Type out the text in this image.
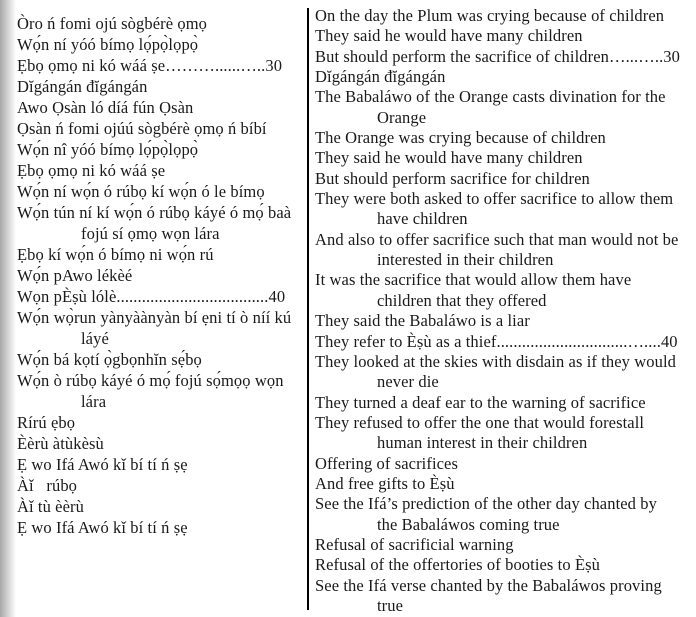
Òro ń fomi ojú sògbérè ọmọ
Wọ́n ní yóó bímọ lọ́pọ̀lọpọ̀
Ẹbọ ọmọ ni kó wáá ṣe………......…..30
Dĭgángán đĭgángán
Awo Ọsàn ló díá fún Ọsàn
Ọsàn ń fomi ojúú sògbérè ọmọ ń bíbí
Wọ́n nî yóó bímọ lọ́pọ̀lọpọ̀
Ẹbọ ọmọ ni kó wáá ṣe
Wọ́n ní wọ́n ó rúbọ kí wọ́n ó le bímọ
Wọ́n tún ní kí wọ́n ó rúbọ káyé ó mọ́ baà
fojú sí ọmọ wọn lára
Ẹbọ kí wọ́n ó bímọ ni wọ́n rú
Wọ́n pAwo lékèé
Wọn pÈṣù lólè....................................40
Wọ́n wọ̀run yànyàànyàn bí ẹni tí ò níí kú
láyé
Wọ́n bá kọtí ọ̀gbọnhĭn sẹ́bọ
Wọ́n ò rúbọ káyé ó mọ́ fojú sọ́mọọ wọn
lára
Rírú ẹbọ
Èèrù àtùkèsù
Ẹ wo Ifá Awó kǐ bí tí ń ṣẹ
Àǐ   rúbọ
Àǐ tù èèrù
Ẹ wo Ifá Awó kǐ bí tí ń ṣẹ
On the day the Plum was crying because of children
They said he would have many children
But should perform the sacrifice of children…...…..30
Dĭgángán đĭgángán
The Babaláwo of the Orange casts divination for the
Orange
The Orange was crying because of children
They said he would have many children
But should perform sacrifice for children
They were both asked to offer sacrifice to allow them
have children
And also to offer sacrifice such that man would not be
interested in their children
It was the sacrifice that would allow them have
children that they offered
They said the Babaláwo is a liar
They refer to Èṣù as a thief...............................…....40
They looked at the skies with disdain as if they would
never die
They turned a deaf ear to the warning of sacrifice
They refused to offer the one that would forestall
human interest in their children
Offering of sacrifices
And free gifts to Èṣù
See the Ifá’s prediction of the other day chanted by
the Babaláwos coming true
Refusal of sacrificial warning
Refusal of the offertories of booties to Èṣù
See the Ifá verse chanted by the Babaláwos proving
true
